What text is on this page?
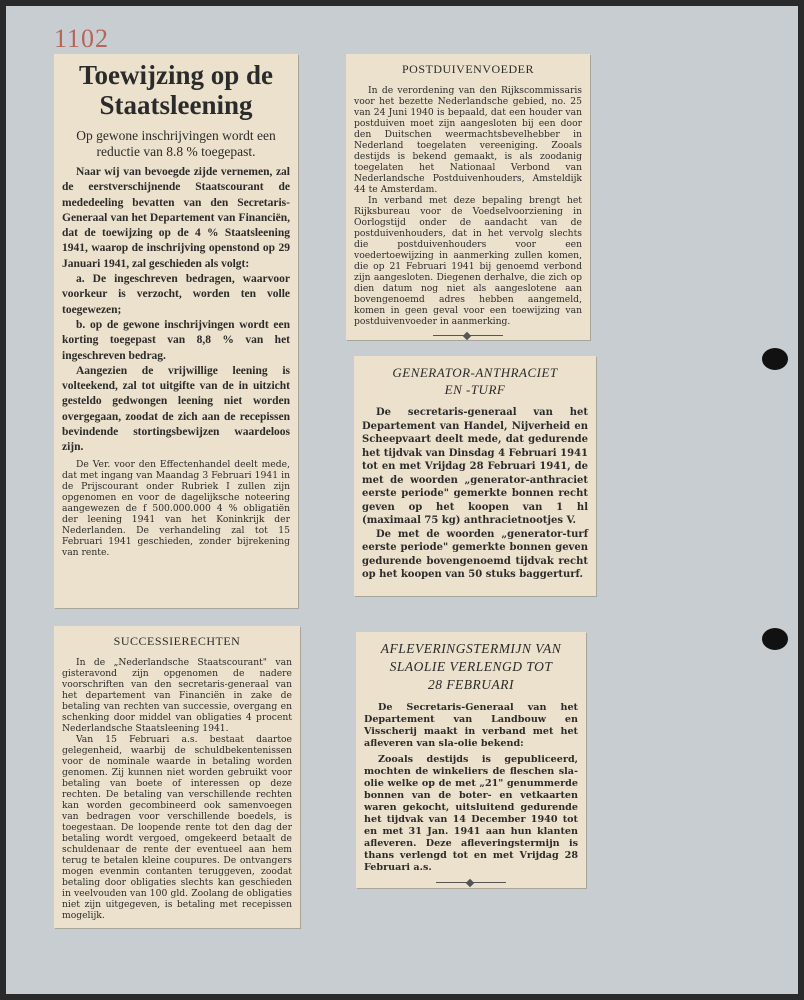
1102
Toewijzing op de Staatsleening
Op gewone inschrijvingen wordt een reductie van 8.8 % toegepast.

Naar wij van bevoegde zijde vernemen, zal de eerstverschijnende Staatscourant de mededeeling bevatten van den Secretaris-Generaal van het Departement van Financiën, dat de toewijzing op de 4 % Staatsleening 1941, waarop de inschrijving openstond op 29 Januari 1941, zal geschieden als volgt:

a. De ingeschreven bedragen, waarvoor voorkeur is verzocht, worden ten volle toegewezen;

b. op de gewone inschrijvingen wordt een korting toegepast van 8,8 % van het ingeschreven bedrag.

Aangezien de vrijwillige leening is volteekend, zal tot uitgifte van de in uitzicht gesteldo gedwongen leening niet worden overgegaan, zoodat de zich aan de recepissen bevindende stortingsbewijzen waardeloos zijn.

De Ver. voor den Effectenhandel deelt mede, dat met ingang van Maandag 3 Februari 1941 in de Prijscourant onder Rubriek I zullen zijn opgenomen en voor de dagelijksche noteering aangewezen de f 500.000.000 4 % obligatiën der leening 1941 van het Koninkrijk der Nederlanden. De verhandeling zal tot 15 Februari 1941 geschieden, zonder bijrekening van rente.

SUCCESSIERECHTEN

In de „Nederlandsche Staatscourant" van gisteravond zijn opgenomen de nadere voorschriften van den secretaris-generaal van het departement van Financiën in zake de betaling van rechten van successie, overgang en schenking door middel van obligaties 4 procent Nederlandsche Staatsleening 1941.

Van 15 Februari a.s. bestaat daartoe gelegenheid, waarbij de schuldbekentenissen voor de nominale waarde in betaling worden genomen. Zij kunnen niet worden gebruikt voor betaling van boete of interessen op deze rechten. De betaling van verschillende rechten kan worden gecombineerd ook samenvoegen van bedragen voor verschillende boedels, is toegestaan. De loopende rente tot den dag der betaling wordt vergoed, omgekeerd betaalt de schuldenaar de rente der eventueel aan hem terug te betalen kleine coupures. De ontvangers mogen evenmin contanten teruggeven, zoodat betaling door obligaties slechts kan geschieden in veelvouden van 100 gld. Zoolang de obligaties niet zijn uitgegeven, is betaling met recepissen mogelijk.

POSTDUIVENVOEDER

In de verordening van den Rijkscommissaris voor het bezette Nederlandsche gebied, no. 25 van 24 Juni 1940 is bepaald, dat een houder van postduiven moet zijn aangesloten bij een door den Duitschen weermachtsbevelhebber in Nederland toegelaten vereeniging. Zooals destijds is bekend gemaakt, is als zoodanig toegelaten het Nationaal Verbond van Nederlandsche Postduivenhouders, Amsteldijk 44 te Amsterdam.

In verband met deze bepaling brengt het Rijksbureau voor de Voedselvoorziening in Oorlogstijd onder de aandacht van de postduivenhouders, dat in het vervolg slechts die postduivenhouders voor een voedertoewijzing in aanmerking zullen komen, die op 21 Februari 1941 bij genoemd verbond zijn aangesloten. Diegenen derhalve, die zich op dien datum nog niet als aangeslotene aan bovengenoemd adres hebben aangemeld, komen in geen geval voor een toewijzing van postduivenvoeder in aanmerking.

GENERATOR-ANTHRACIET
EN -TURF

De secretaris-generaal van het Departement van Handel, Nijverheid en Scheepvaart deelt mede, dat gedurende het tijdvak van Dinsdag 4 Februari 1941 tot en met Vrijdag 28 Februari 1941, de met de woorden „generator-anthraciet eerste periode" gemerkte bonnen recht geven op het koopen van 1 hl (maximaal 75 kg) anthracietnootjes V.

De met de woorden „generator-turf eerste periode" gemerkte bonnen geven gedurende bovengenoemd tijdvak recht op het koopen van 50 stuks baggerturf.

AFLEVERINGSTERMIJN VAN
SLAOLIE VERLENGD TOT
28 FEBRUARI

De Secretaris-Generaal van het Departement van Landbouw en Visscherij maakt in verband met het afleveren van sla-olie bekend:

Zooals destijds is gepubliceerd, mochten de winkeliers de fleschen sla-olie welke op de met „21" genummerde bonnen van de boter- en vetkaarten waren gekocht, uitsluitend gedurende het tijdvak van 14 December 1940 tot en met 31 Jan. 1941 aan hun klanten afleveren. Deze afleveringstermijn is thans verlengd tot en met Vrijdag 28 Februari a.s.
